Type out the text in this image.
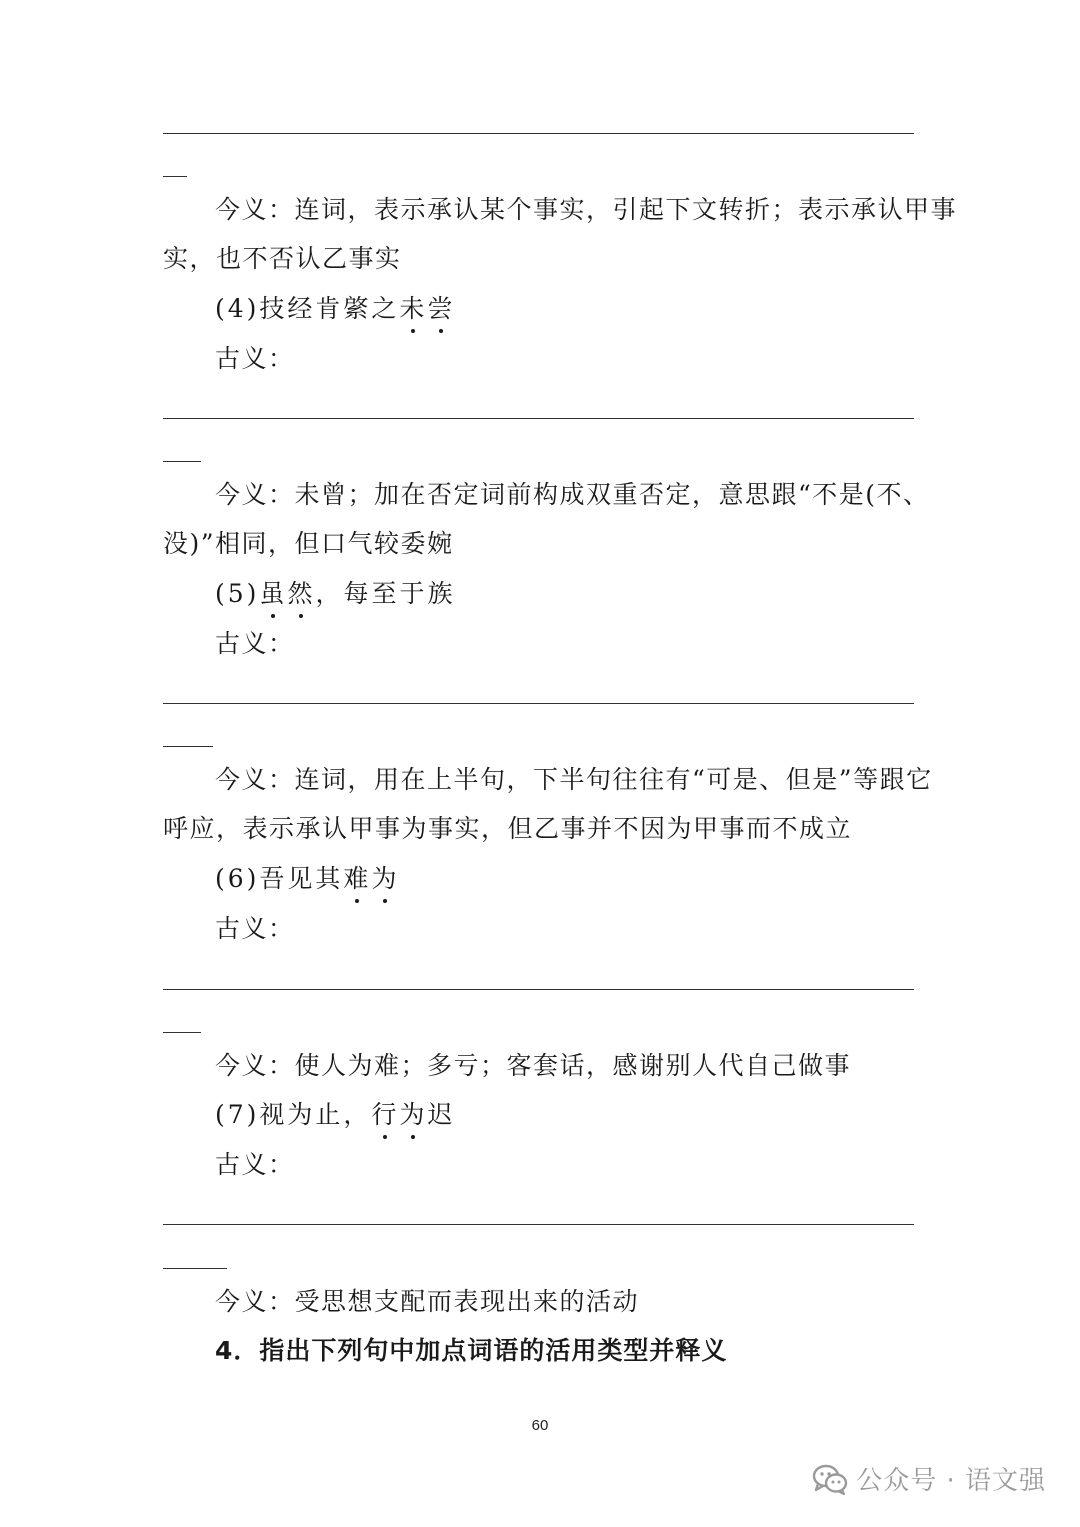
今义：连词，表示承认某个事实，引起下文转折；表示承认甲事
实，也不否认乙事实
(4)技经肯綮之未尝
古义：
今义：未曾；加在否定词前构成双重否定，意思跟“不是(不、
没)”相同，但口气较委婉
(5)虽然，每至于族
古义：
今义：连词，用在上半句，下半句往往有“可是、但是”等跟它
呼应，表示承认甲事为事实，但乙事并不因为甲事而不成立
(6)吾见其难为
古义：
今义：使人为难；多亏；客套话，感谢别人代自己做事
(7)视为止，行为迟
古义：
今义：受思想支配而表现出来的活动
4．指出下列句中加点词语的活用类型并释义
60
公众号 · 语文强
